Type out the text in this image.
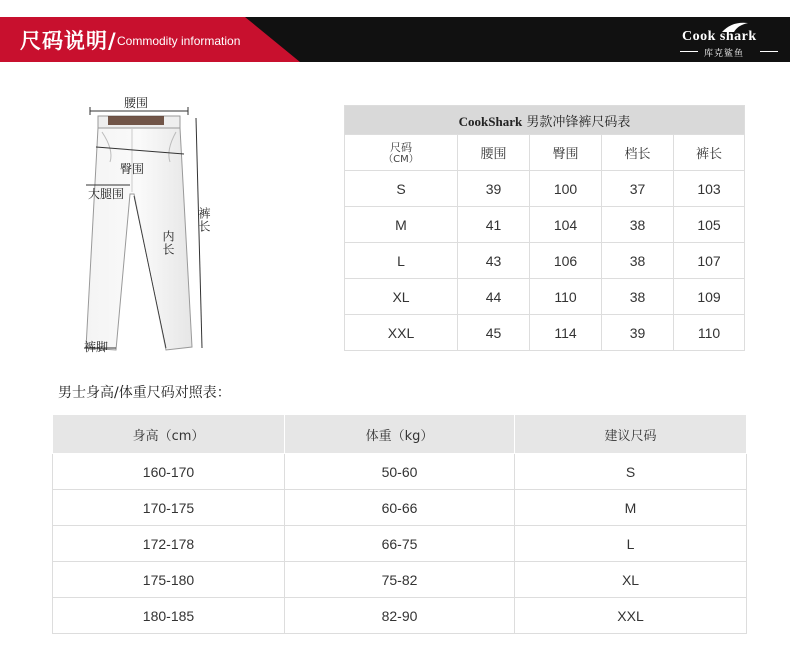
尺码说明/ Commodity information	Cook shark
库克鲨鱼
腰围
臀围
大腿围
内长
裤长
裤脚
CookShark 男款冲锋裤尺码表				

尺码
（CM）	腰围	臀围	档长	裤长
S	39	100	37	103
M	41	104	38	105
L	43	106	38	107
XL	44	110	38	109
XXL	45	114	39	110
男士身高/体重尺码对照表：
身高（cm）	体重（kg）	建议尺码
160-170	50-60	S
170-175	60-66	M
172-178	66-75	L
175-180	75-82	XL
180-185	82-90	XXL
